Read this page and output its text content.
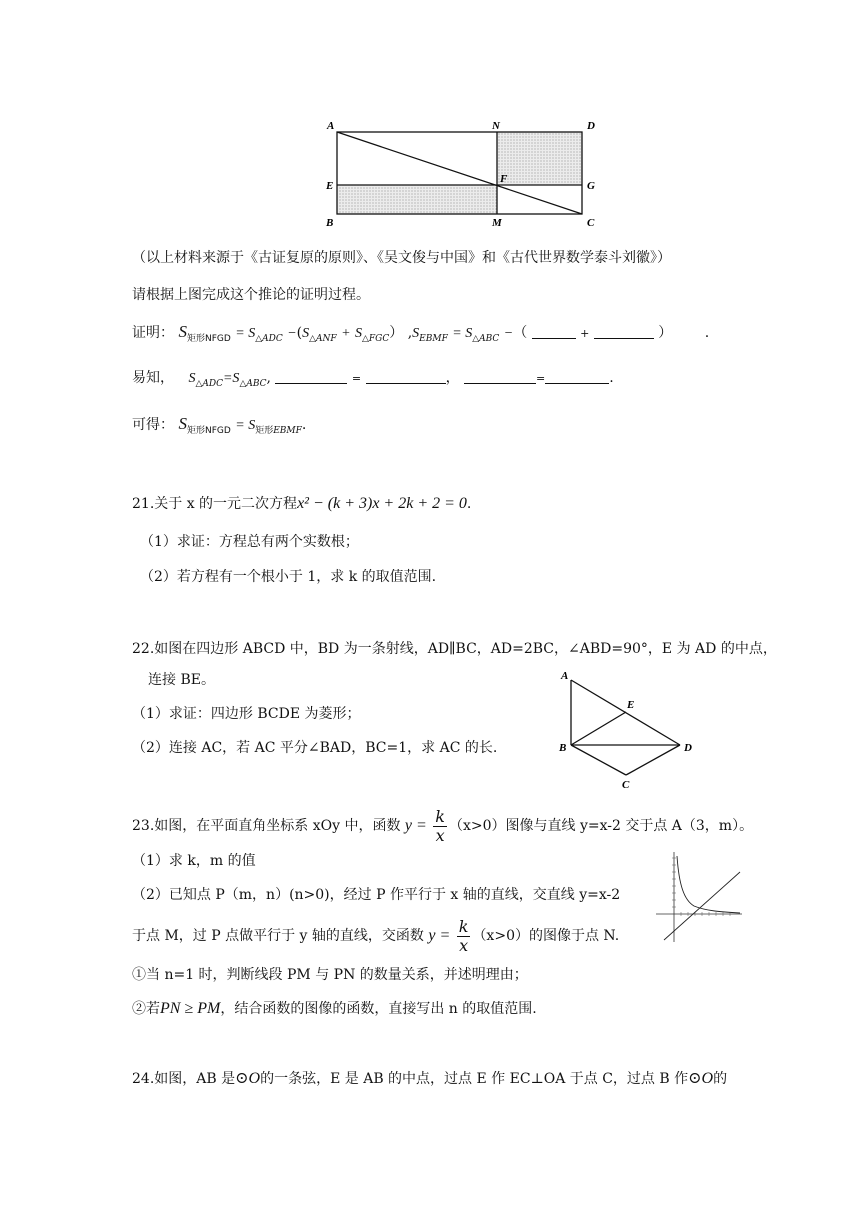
A	N	D
E
F
G
B	M	C
（以上材料来源于《古证复原的原则》、《吴文俊与中国》和《古代世界数学泰斗刘徽》）
请根据上图完成这个推论的证明过程。
证明： $S_{矩形NFGD} = S_{\triangle ADC} -(S_{\triangle ANF} + S_{\triangle FGC})$ $,S_{EBMF} = S_{\triangle ABC}$ −（	+	） .
易知， $S_{\triangle ADC}=S_{\triangle ABC}$,	=	，	=	.
可得： $S_{矩形NFGD} = S_{矩形EBMF}$.
21.关于 x 的一元二次方程x² − (k + 3)x + 2k + 2 = 0.
（1）求证：方程总有两个实数根；
（2）若方程有一个根小于 1，求 k 的取值范围.
22.如图在四边形 ABCD 中，BD 为一条射线，AD∥BC，AD=2BC，∠ABD=90°，E 为 AD 的中点，
连接 BE。
（1）求证：四边形 BCDE 为菱形；
（2）连接 AC，若 AC 平分∠BAD，BC=1，求 AC 的长.
A
E
B	D
C
23.如图，在平面直角坐标系 xOy 中，函数 $y = \frac{k}{x} (x>0)$图像与直线 y=x-2 交于点 A（3，m）。
（1）求 k，m 的值
（2）已知点 P（m，n）(n>0)，经过 P 作平行于 x 轴的直线，交直线 y=x-2
于点 M，过 P 点做平行于 y 轴的直线，交函数 $y = \frac{k}{x} (x>0)$的图像于点 N.
①当 n=1 时，判断线段 PM 与 PN 的数量关系，并述明理由；
②若PN ≥ PM，结合函数的图像的函数，直接写出 n 的取值范围.
24.如图，AB 是⊙O的一条弦，E 是 AB 的中点，过点 E 作 EC⊥OA 于点 C，过点 B 作⊙O的
